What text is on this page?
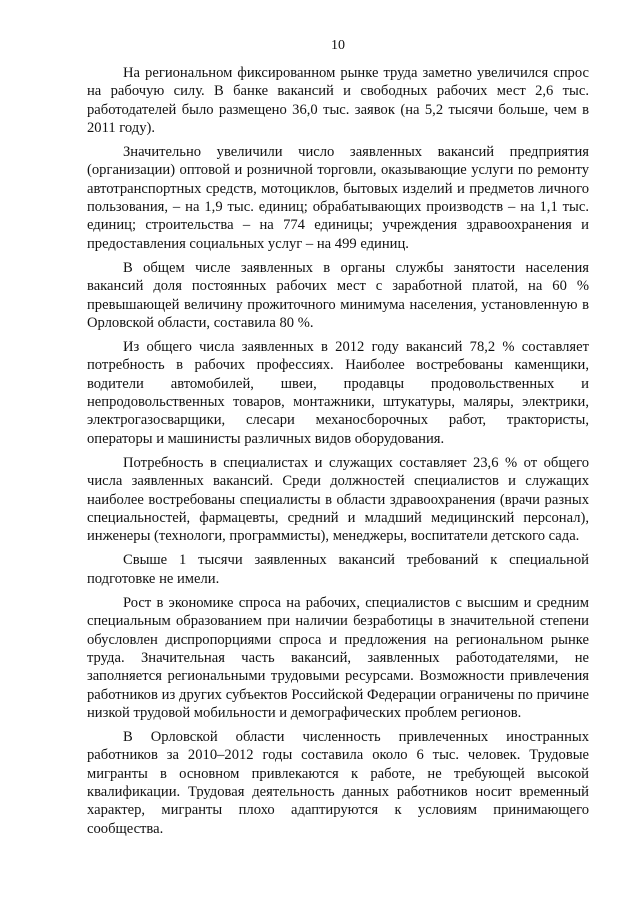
10

На региональном фиксированном рынке труда заметно увеличился спрос на рабочую силу. В банке вакансий и свободных рабочих мест 2,6 тыс. работодателей было размещено 36,0 тыс. заявок (на 5,2 тысячи больше, чем в 2011 году).

Значительно увеличили число заявленных вакансий предприятия (организации) оптовой и розничной торговли, оказывающие услуги по ремонту автотранспортных средств, мотоциклов, бытовых изделий и предметов личного пользования, – на 1,9 тыс. единиц; обрабатывающих производств – на 1,1 тыс. единиц; строительства – на 774 единицы; учреждения здравоохранения и предоставления социальных услуг – на 499 единиц.

В общем числе заявленных в органы службы занятости населения вакансий доля постоянных рабочих мест с заработной платой, на 60 % превышающей величину прожиточного минимума населения, установленную в Орловской области, составила 80 %.

Из общего числа заявленных в 2012 году вакансий 78,2 % составляет потребность в рабочих профессиях. Наиболее востребованы каменщики, водители автомобилей, швеи, продавцы продовольственных и непродовольственных товаров, монтажники, штукатуры, маляры, электрики, электрогазосварщики, слесари механосборочных работ, трактористы, операторы и машинисты различных видов оборудования.

Потребность в специалистах и служащих составляет 23,6 % от общего числа заявленных вакансий. Среди должностей специалистов и служащих наиболее востребованы специалисты в области здравоохранения (врачи разных специальностей, фармацевты, средний и младший медицинский персонал), инженеры (технологи, программисты), менеджеры, воспитатели детского сада.

Свыше 1 тысячи заявленных вакансий требований к специальной подготовке не имели.

Рост в экономике спроса на рабочих, специалистов с высшим и средним специальным образованием при наличии безработицы в значительной степени обусловлен диспропорциями спроса и предложения на региональном рынке труда. Значительная часть вакансий, заявленных работодателями, не заполняется региональными трудовыми ресурсами. Возможности привлечения работников из других субъектов Российской Федерации ограничены по причине низкой трудовой мобильности и демографических проблем регионов.

В Орловской области численность привлеченных иностранных работников за 2010–2012 годы составила около 6 тыс. человек. Трудовые мигранты в основном привлекаются к работе, не требующей высокой квалификации. Трудовая деятельность данных работников носит временный характер, мигранты плохо адаптируются к условиям принимающего сообщества.
